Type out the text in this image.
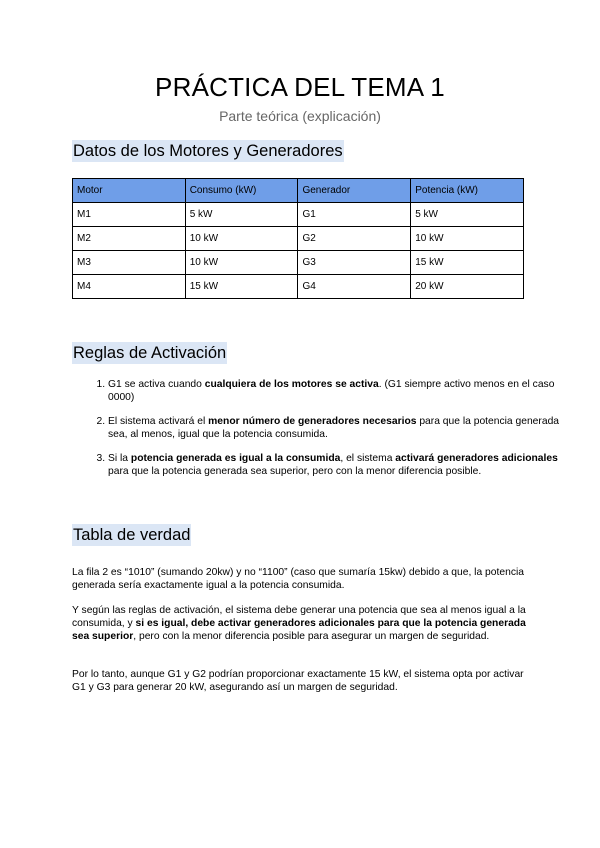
PRÁCTICA DEL TEMA 1
Parte teórica (explicación)
Datos de los Motores y Generadores
Motor	Consumo (kW)	Generador	Potencia (kW)
M1	5 kW	G1	5 kW
M2	10 kW	G2	10 kW
M3	10 kW	G3	15 kW
M4	15 kW	G4	20 kW
Reglas de Activación
1. G1 se activa cuando cualquiera de los motores se activa. (G1 siempre activo menos en el caso 0000)
2. El sistema activará el menor número de generadores necesarios para que la potencia generada sea, al menos, igual que la potencia consumida.
3. Si la potencia generada es igual a la consumida, el sistema activará generadores adicionales para que la potencia generada sea superior, pero con la menor diferencia posible.
Tabla de verdad

La fila 2 es “1010” (sumando 20kw) y no “1100” (caso que sumaría 15kw) debido a que, la potencia generada sería exactamente igual a la potencia consumida.

Y según las reglas de activación, el sistema debe generar una potencia que sea al menos igual a la consumida, y si es igual, debe activar generadores adicionales para que la potencia generada sea superior, pero con la menor diferencia posible para asegurar un margen de seguridad.

Por lo tanto, aunque G1 y G2 podrían proporcionar exactamente 15 kW, el sistema opta por activar G1 y G3 para generar 20 kW, asegurando así un margen de seguridad.
